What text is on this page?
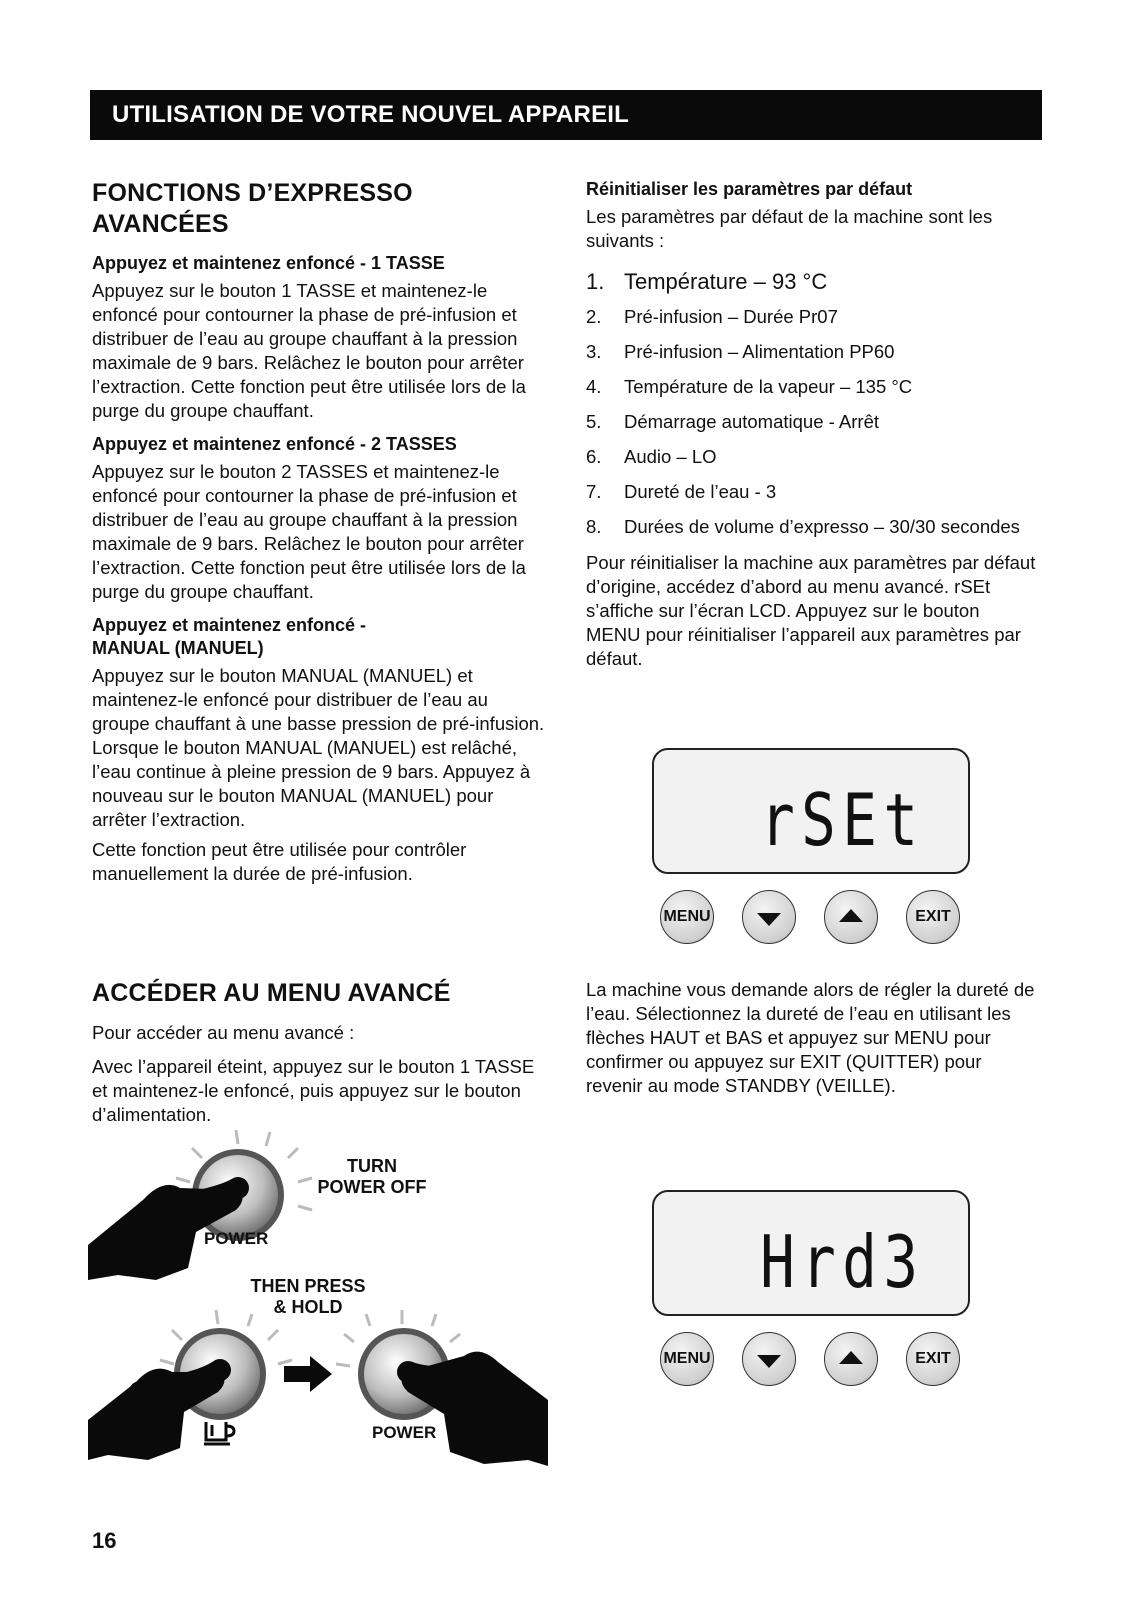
UTILISATION DE VOTRE NOUVEL APPAREIL
FONCTIONS D’EXPRESSO AVANCÉES
Appuyez et maintenez enfoncé - 1 TASSE

Appuyez sur le bouton 1 TASSE et maintenez-le enfoncé pour contourner la phase de pré-infusion et distribuer de l’eau au groupe chauffant à la pression maximale de 9 bars. Relâchez le bouton pour arrêter l’extraction. Cette fonction peut être utilisée lors de la purge du groupe chauffant.

Appuyez et maintenez enfoncé - 2 TASSES

Appuyez sur le bouton 2 TASSES et maintenez-le enfoncé pour contourner la phase de pré-infusion et distribuer de l’eau au groupe chauffant à la pression maximale de 9 bars. Relâchez le bouton pour arrêter l’extraction. Cette fonction peut être utilisée lors de la purge du groupe chauffant.

Appuyez et maintenez enfoncé -
MANUAL (MANUEL)

Appuyez sur le bouton MANUAL (MANUEL) et maintenez-le enfoncé pour distribuer de l’eau au groupe chauffant à une basse pression de pré-infusion. Lorsque le bouton MANUAL (MANUEL) est relâché, l’eau continue à pleine pression de 9 bars. Appuyez à nouveau sur le bouton MANUAL (MANUEL) pour arrêter l’extraction.

Cette fonction peut être utilisée pour contrôler manuellement la durée de pré-infusion.

ACCÉDER AU MENU AVANCÉ

Pour accéder au menu avancé :

Avec l’appareil éteint, appuyez sur le bouton 1 TASSE et maintenez-le enfoncé, puis appuyez sur le bouton d’alimentation.

TURN
POWER OFF
POWER
THEN PRESS
& HOLD
POWER
Réinitialiser les paramètres par défaut

Les paramètres par défaut de la machine sont les suivants :

1. Température – 93 °C
2. Pré-infusion – Durée Pr07
3. Pré-infusion – Alimentation PP60
4. Température de la vapeur – 135 °C
5. Démarrage automatique - Arrêt
6. Audio – LO
7. Dureté de l’eau - 3
8. Durées de volume d’expresso – 30/30 secondes

Pour réinitialiser la machine aux paramètres par défaut d’origine, accédez d’abord au menu avancé. rSEt s’affiche sur l’écran LCD. Appuyez sur le bouton MENU pour réinitialiser l’appareil aux paramètres par défaut.

rSEt
MENU	EXIT

La machine vous demande alors de régler la dureté de l’eau. Sélectionnez la dureté de l’eau en utilisant les flèches HAUT et BAS et appuyez sur MENU pour confirmer ou appuyez sur EXIT (QUITTER) pour revenir au mode STANDBY (VEILLE).

Hrd3
MENU	EXIT
16
